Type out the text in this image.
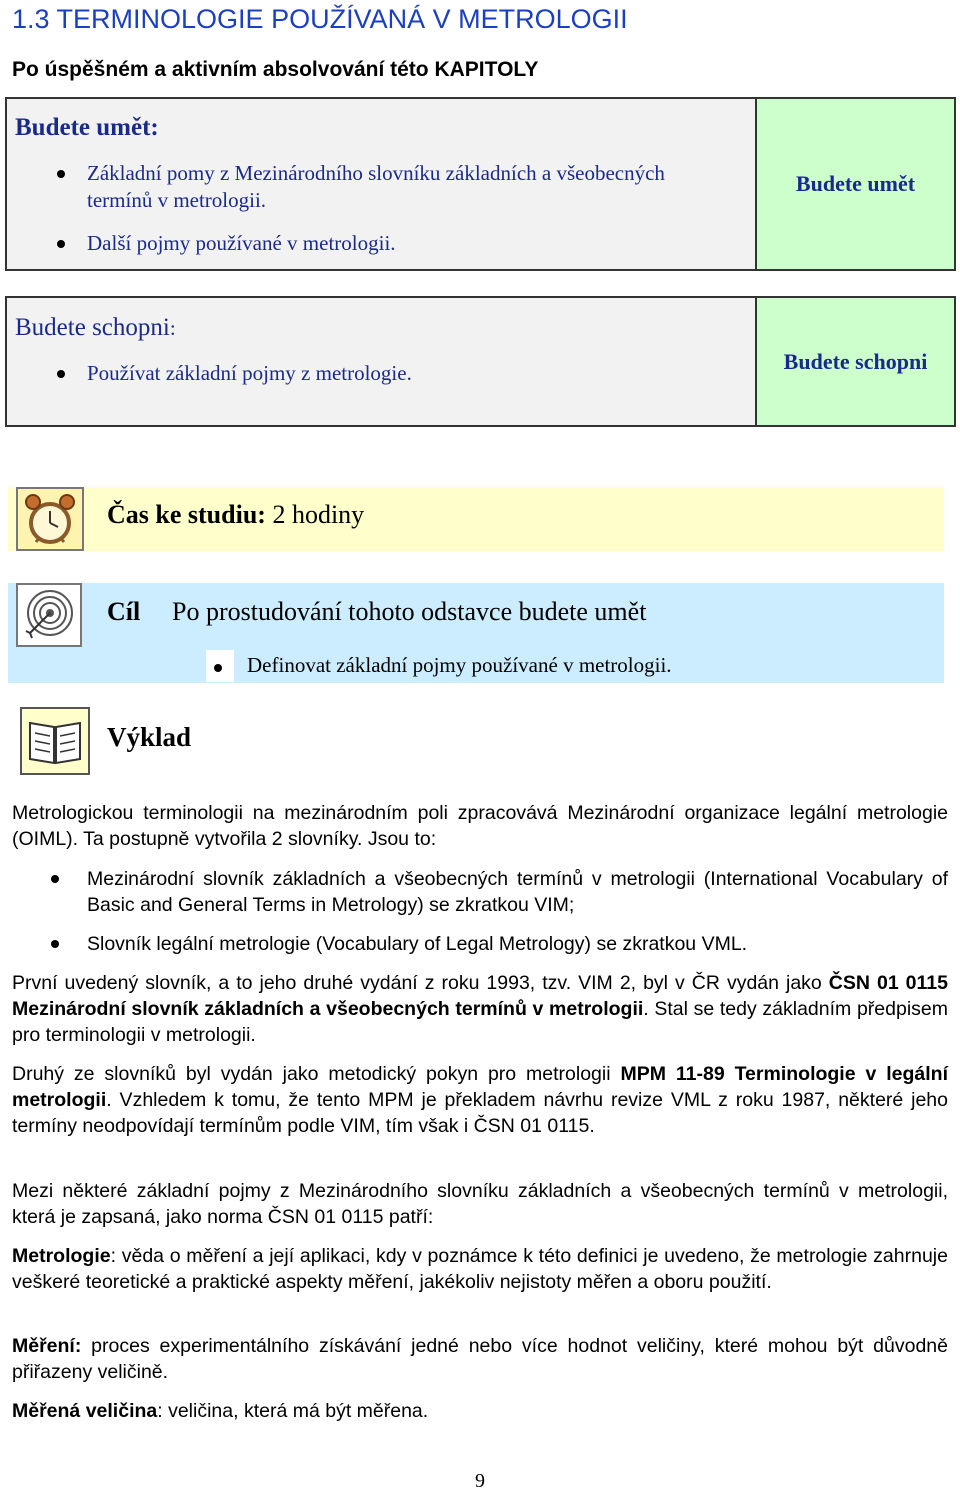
1.3 TERMINOLOGIE POUŽÍVANÁ V METROLOGII
Po úspěšném a aktivním absolvování této KAPITOLY
Budete umět:
Základní pomy z Mezinárodního slovníku základních a všeobecných termínů v metrologii.
Další pojmy používané v metrologii.
Budete umět
Budete schopni:
Používat základní pojmy z metrologie.	Budete schopni
Čas ke studiu: 2 hodiny
Cíl Po prostudování tohoto odstavce budete umět
Definovat základní pojmy používané v metrologii.
Výklad
Metrologickou terminologii na mezinárodním poli zpracovává Mezinárodní organizace legální metrologie (OIML). Ta postupně vytvořila 2 slovníky. Jsou to:
Mezinárodní slovník základních a všeobecných termínů v metrologii (International Vocabulary of Basic and General Terms in Metrology) se zkratkou VIM;
Slovník legální metrologie (Vocabulary of Legal Metrology) se zkratkou VML.
První uvedený slovník, a to jeho druhé vydání z roku 1993, tzv. VIM 2, byl v ČR vydán jako ČSN 01 0115 Mezinárodní slovník základních a všeobecných termínů v metrologii. Stal se tedy základním předpisem pro terminologii v metrologii.
Druhý ze slovníků byl vydán jako metodický pokyn pro metrologii MPM 11-89 Terminologie v legální metrologii. Vzhledem k tomu, že tento MPM je překladem návrhu revize VML z roku 1987, některé jeho termíny neodpovídají termínům podle VIM, tím však i ČSN 01 0115.
Mezi některé základní pojmy z Mezinárodního slovníku základních a všeobecných termínů v metrologii, která je zapsaná, jako norma ČSN 01 0115 patří:
Metrologie: věda o měření a její aplikaci, kdy v poznámce k této definici je uvedeno, že metrologie zahrnuje veškeré teoretické a praktické aspekty měření, jakékoliv nejistoty měřen a oboru použití.
Měření: proces experimentálního získávání jedné nebo více hodnot veličiny, které mohou být důvodně přiřazeny veličině.
Měřená veličina: veličina, která má být měřena.
9
